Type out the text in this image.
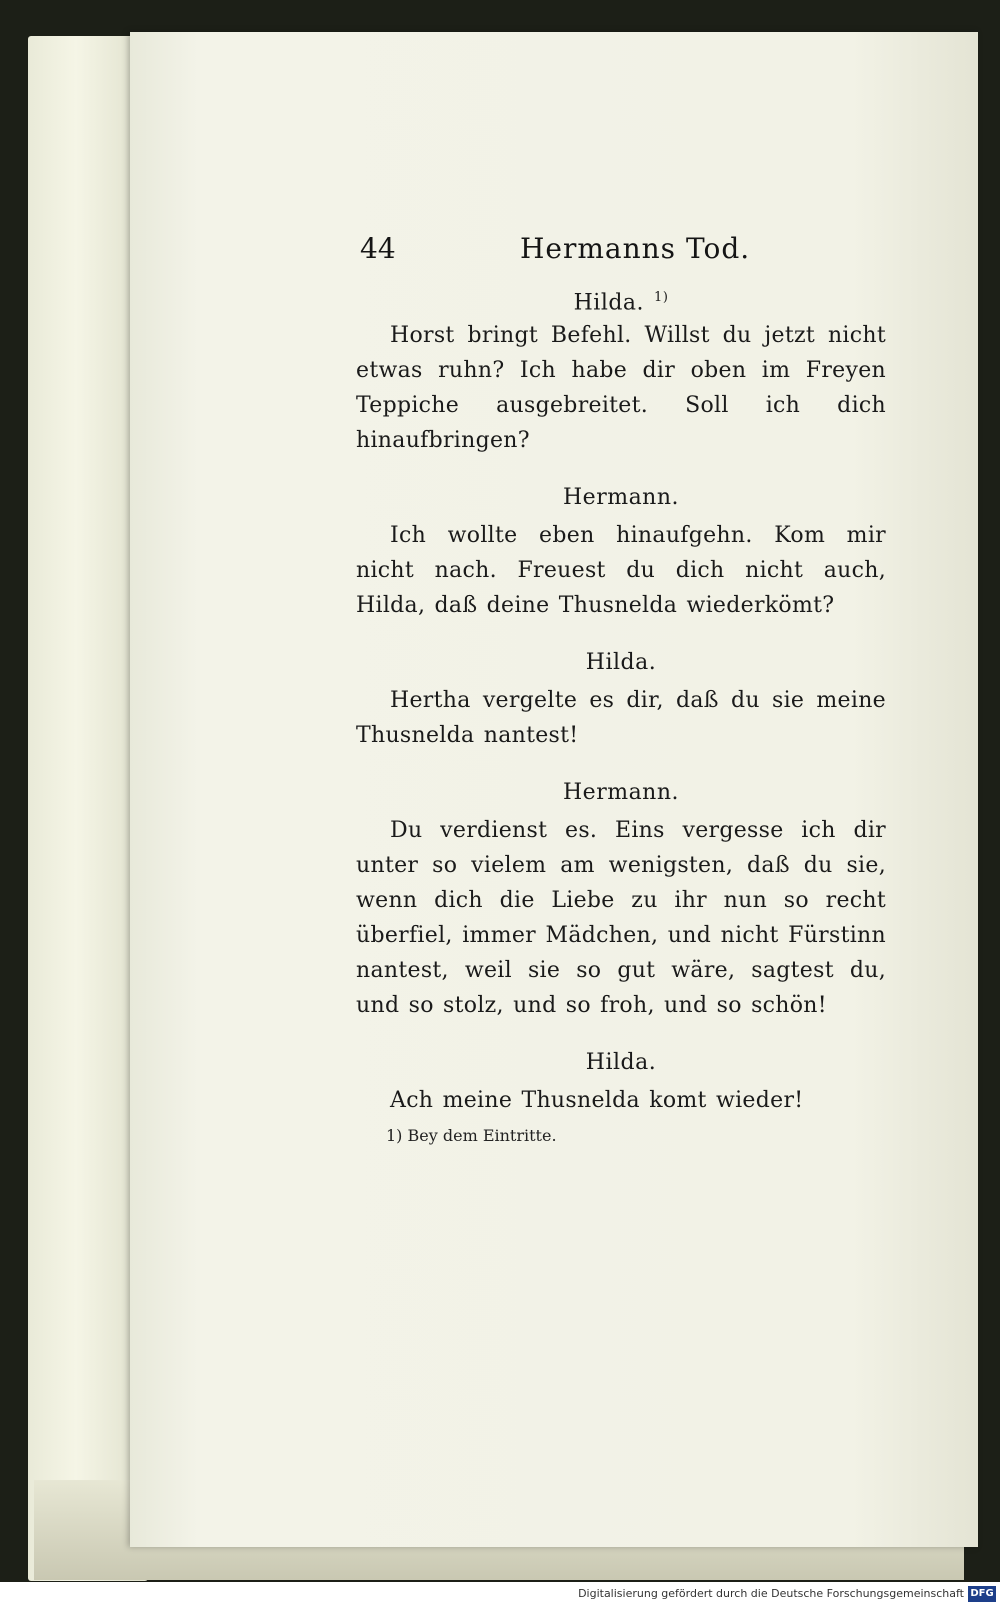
44	Hermanns Tod.

Hilda. $^{1)}$

Horst bringt Befehl. Willst du jetzt nicht etwas ruhn? Ich habe dir oben im Freyen Teppiche ausgebreitet. Soll ich dich hinaufbringen?

Hermann.

Ich wollte eben hinaufgehn. Kom mir nicht nach. Freuest du dich nicht auch, Hilda, daß deine Thusnelda wiederkömt?

Hilda.

Hertha vergelte es dir, daß du sie meine Thusnelda nantest!

Hermann.

Du verdienst es. Eins vergesse ich dir unter so vielem am wenigsten, daß du sie, wenn dich die Liebe zu ihr nun so recht überfiel, immer Mädchen, und nicht Fürstinn nantest, weil sie so gut wäre, sagtest du, und so stolz, und so froh, und so schön!

Hilda.

Ach meine Thusnelda komt wieder!

1) Bey dem Eintritte.
Digitalisierung gefördert durch die Deutsche Forschungsgemeinschaft DFG
